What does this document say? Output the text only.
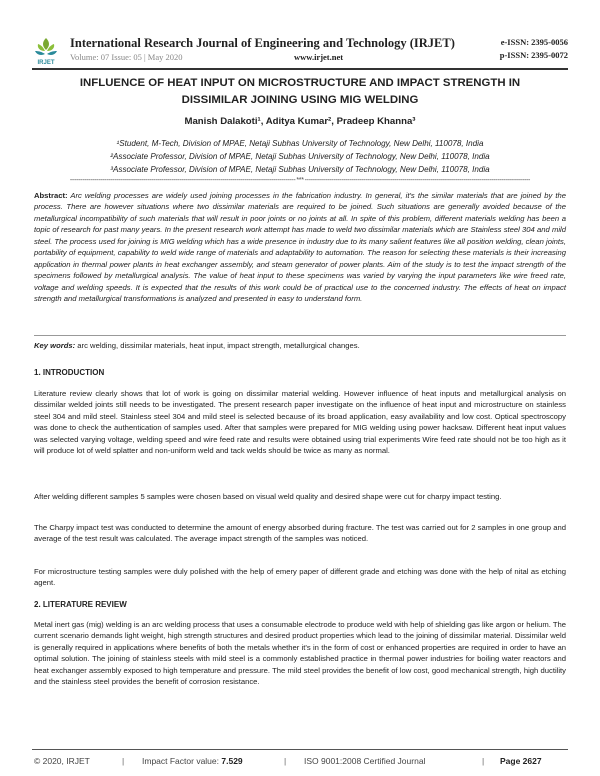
IRJET
International Research Journal of Engineering and Technology (IRJET)
Volume: 07 Issue: 05 | May 2020	www.irjet.net
e-ISSN: 2395-0056
p-ISSN: 2395-0072
INFLUENCE OF HEAT INPUT ON MICROSTRUCTURE AND IMPACT STRENGTH IN
DISSIMILAR JOINING USING MIG WELDING
Manish Dalakoti¹, Aditya Kumar², Pradeep Khanna³
¹Student, M-Tech, Division of MPAE, Netaji Subhas University of Technology, New Delhi, 110078, India
²Associate Professor, Division of MPAE, Netaji Subhas University of Technology, New Delhi, 110078, India
³Associate Professor, Division of MPAE, Netaji Subhas University of Technology, New Delhi, 110078, India
---------------------------------------------------------------------------------------------------------------***---------------------------------------------------------------------------------------------------------------
Abstract: Arc welding processes are widely used joining processes in the fabrication industry. In general, it's the similar materials that are joined by the process. There are however situations where two dissimilar materials are required to be joined. Such situations are generally avoided because of the metallurgical incompatibility of such materials that will result in poor joints or no joints at all. In spite of this problem, different materials welding has been a topic of research for past many years. In the present research work attempt has made to weld two dissimilar materials which are Stainless steel 304 and mild steel. The process used for joining is MIG welding which has a wide presence in industry due to its many salient features like all position welding, clean joints, portability of equipment, capability to weld wide range of materials and adaptability to automation. The reason for selecting these materials is their increasing application in thermal power plants in heat exchanger assembly, and steam generator of power plants. Aim of the study is to test the impact strength of the specimens followed by metallurgical analysis. The value of heat input to these specimens was varied by varying the input parameters like wire freed rate, voltage and welding speeds. It is expected that the results of this work could be of practical use to the concerned industry. The effects of heat on impact strength and metallurgical transformations is analyzed and presented in easy to understand form.
Key words: arc welding, dissimilar materials, heat input, impact strength, metallurgical changes.
1. INTRODUCTION
Literature review clearly shows that lot of work is going on dissimilar material welding. However influence of heat inputs and metallurgical analysis on dissimilar welded joints still needs to be investigated. The present research paper investigate on the influence of heat input and microstructure on stainless steel 304 and mild steel. Stainless steel 304 and mild steel is selected because of its broad application, easy availability and low cost. Optical spectroscopy was done to check the authentication of samples used. After that samples were prepared for MIG welding using power hacksaw. Different heat input values was selected varying voltage, welding speed and wire feed rate and results were obtained using trial experiments Wire feed rate should not be too high as it will produce lot of weld splatter and non-uniform weld and tack welds should be twice as many as normal.
After welding different samples 5 samples were chosen based on visual weld quality and desired shape were cut for charpy impact testing.
The Charpy impact test was conducted to determine the amount of energy absorbed during fracture. The test was carried out for 2 samples in one group and average of the test result was calculated. The average impact strength of the samples was noticed.
For microstructure testing samples were duly polished with the help of emery paper of different grade and etching was done with the help of nital as etching agent.
2. LITERATURE REVIEW
Metal inert gas (mig) welding is an arc welding process that uses a consumable electrode to produce weld with help of shielding gas like argon or helium. The current scenario demands light weight, high strength structures and desired product properties which lead to the joining of dissimilar material. Dissimilar weld is generally required in applications where benefits of both the metals whether it's in the form of cost or enhanced properties are required in order to have an optimal solution. The joining of stainless steels with mild steel is a commonly established practice in thermal power industries for boiling water reactors and heat exchanger assembly exposed to high temperature and pressure. The mild steel provides the benefit of low cost, good mechanical strength, high ductility and the stainless steel provides the benefit of corrosion resistance.
© 2020, IRJET	| Impact Factor value: 7.529	| ISO 9001:2008 Certified Journal	| Page 2627
